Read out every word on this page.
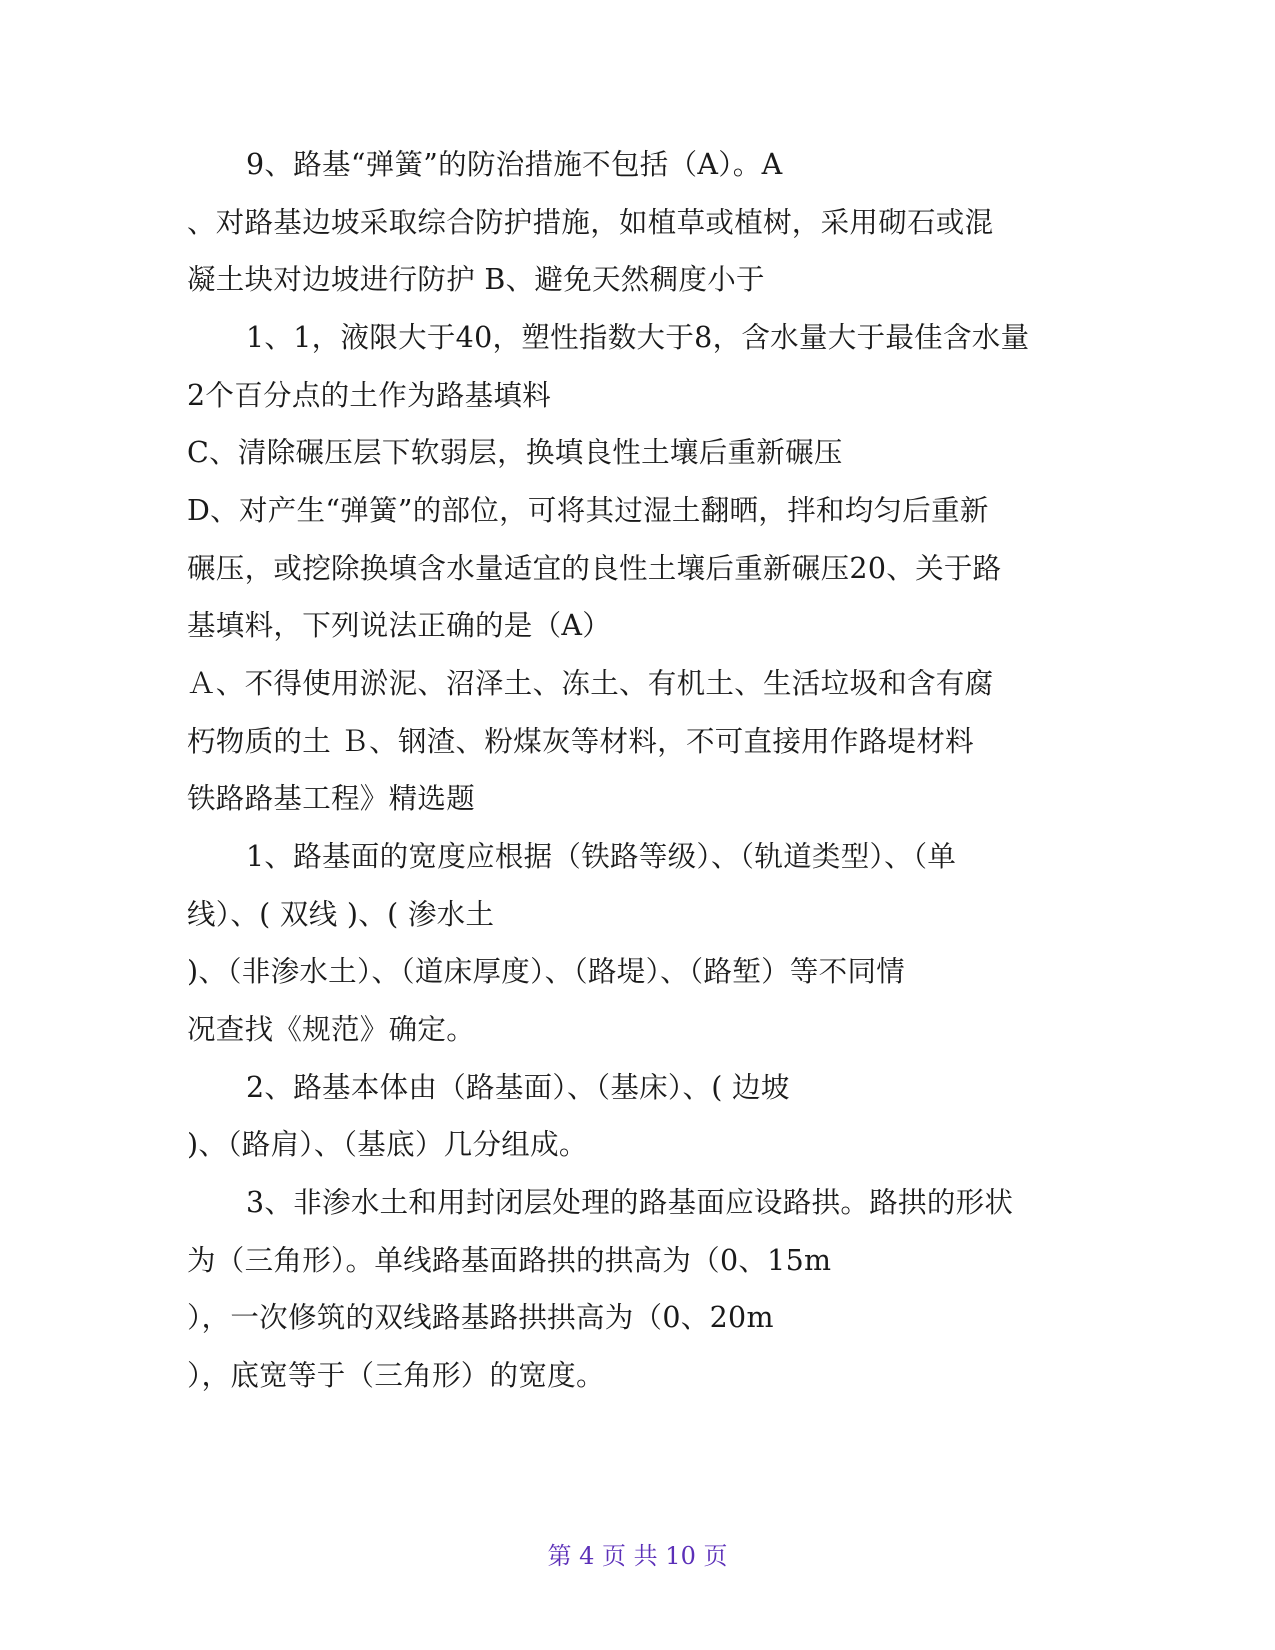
9、路基“弹簧”的防治措施不包括（A）。A
、对路基边坡采取综合防护措施，如植草或植树，采用砌石或混
凝土块对边坡进行防护 B、避免天然稠度小于
1、1，液限大于40，塑性指数大于8，含水量大于最佳含水量
2个百分点的土作为路基填料
C、清除碾压层下软弱层，换填良性土壤后重新碾压
D、对产生“弹簧”的部位，可将其过湿土翻晒，拌和均匀后重新
碾压，或挖除换填含水量适宜的良性土壤后重新碾压20、关于路
基填料，下列说法正确的是（A）
Ａ、不得使用淤泥、沼泽土、冻土、有机土、生活垃圾和含有腐
朽物质的土 Ｂ、钢渣、粉煤灰等材料，不可直接用作路堤材料
铁路路基工程》精选题
1、路基面的宽度应根据（铁路等级）、（轨道类型）、（单
线）、( 双线 )、( 渗水土
)、（非渗水土）、（道床厚度）、（路堤）、（路堑）等不同情
况查找《规范》确定。
2、路基本体由（路基面）、（基床）、( 边坡
)、（路肩）、（基底）几分组成。
3、非渗水土和用封闭层处理的路基面应设路拱。路拱的形状
为（三角形）。单线路基面路拱的拱高为（0、15m
），一次修筑的双线路基路拱拱高为（0、20m
），底宽等于（三角形）的宽度。
第 4 页 共 10 页
